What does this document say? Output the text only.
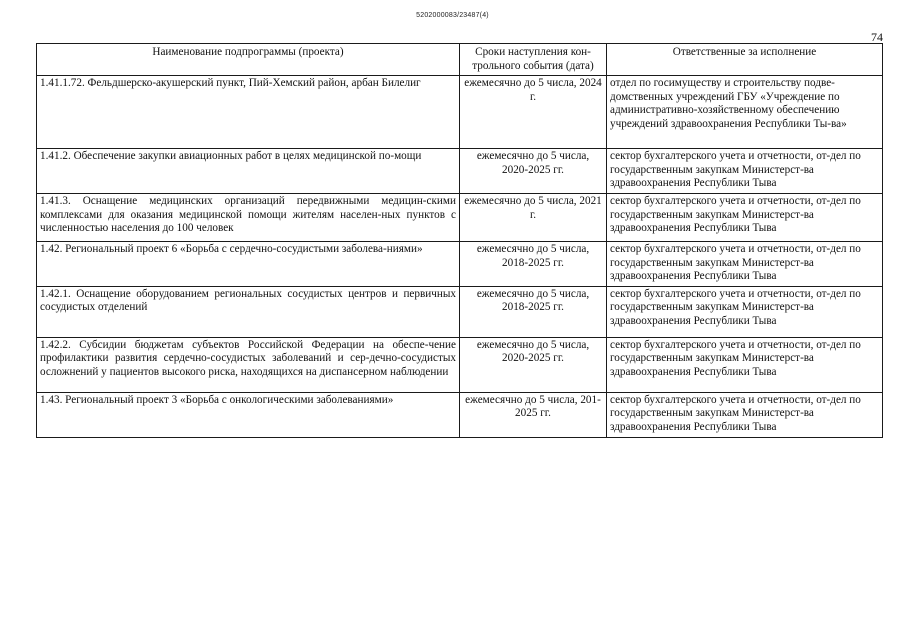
5202000083/23487(4)
74
Наименование подпрограммы (проекта)	Сроки наступления кон-трольного события (дата)	Ответственные за исполнение
1.41.1.72. Фельдшерско-акушерский пункт, Пий-Хемский район, арбан Билелиг	ежемесячно до 5 числа, 2024 г.	отдел по госимуществу и строительству подве-домственных учреждений ГБУ «Учреждение по административно-хозяйственному обеспечению учреждений здравоохранения Республики Ты-ва»
1.41.2. Обеспечение закупки авиационных работ в целях медицинской по-мощи	ежемесячно до 5 числа, 2020-2025 гг.	сектор бухгалтерского учета и отчетности, от-дел по государственным закупкам Министерст-ва здравоохранения Республики Тыва
1.41.3. Оснащение медицинских организаций передвижными медицин-скими комплексами для оказания медицинской помощи жителям населен-ных пунктов с численностью населения до 100 человек	ежемесячно до 5 числа, 2021 г.	сектор бухгалтерского учета и отчетности, от-дел по государственным закупкам Министерст-ва здравоохранения Республики Тыва
1.42. Региональный проект 6 «Борьба с сердечно-сосудистыми заболева-ниями»	ежемесячно до 5 числа, 2018-2025 гг.	сектор бухгалтерского учета и отчетности, от-дел по государственным закупкам Министерст-ва здравоохранения Республики Тыва
1.42.1. Оснащение оборудованием региональных сосудистых центров и первичных сосудистых отделений	ежемесячно до 5 числа, 2018-2025 гг.	сектор бухгалтерского учета и отчетности, от-дел по государственным закупкам Министерст-ва здравоохранения Республики Тыва
1.42.2. Субсидии бюджетам субъектов Российской Федерации на обеспе-чение профилактики развития сердечно-сосудистых заболеваний и сер-дечно-сосудистых осложнений у пациентов высокого риска, находящихся на диспансерном наблюдении	ежемесячно до 5 числа, 2020-2025 гг.	сектор бухгалтерского учета и отчетности, от-дел по государственным закупкам Министерст-ва здравоохранения Республики Тыва
1.43. Региональный проект 3 «Борьба с онкологическими заболеваниями»	ежемесячно до 5 числа, 201-2025 гг.	сектор бухгалтерского учета и отчетности, от-дел по государственным закупкам Министерст-ва здравоохранения Республики Тыва
